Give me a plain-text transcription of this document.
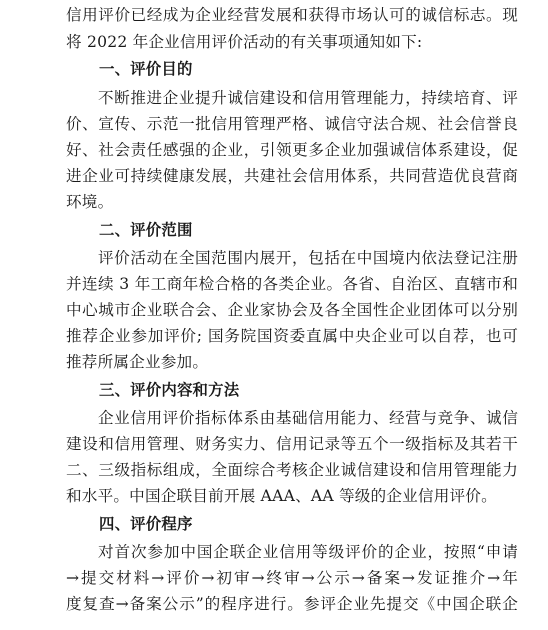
信用评价已经成为企业经营发展和获得市场认可的诚信标志。现
将 2022 年企业信用评价活动的有关事项通知如下:
一、评价目的
不断推进企业提升诚信建设和信用管理能力，持续培育、评
价、宣传、示范一批信用管理严格、诚信守法合规、社会信誉良
好、社会责任感强的企业，引领更多企业加强诚信体系建设，促
进企业可持续健康发展，共建社会信用体系，共同营造优良营商
环境。
二、评价范围
评价活动在全国范围内展开，包括在中国境内依法登记注册
并连续 3 年工商年检合格的各类企业。各省、自治区、直辖市和
中心城市企业联合会、企业家协会及各全国性企业团体可以分别
推荐企业参加评价; 国务院国资委直属中央企业可以自荐，也可
推荐所属企业参加。
三、评价内容和方法
企业信用评价指标体系由基础信用能力、经营与竞争、诚信
建设和信用管理、财务实力、信用记录等五个一级指标及其若干
二、三级指标组成，全面综合考核企业诚信建设和信用管理能力
和水平。中国企联目前开展 AAA、AA 等级的企业信用评价。
四、评价程序
对首次参加中国企联企业信用等级评价的企业，按照“申请
→提交材料→评价→初审→终审→公示→备案→发证推介→年
度复查→备案公示”的程序进行。参评企业先提交《中国企联企
